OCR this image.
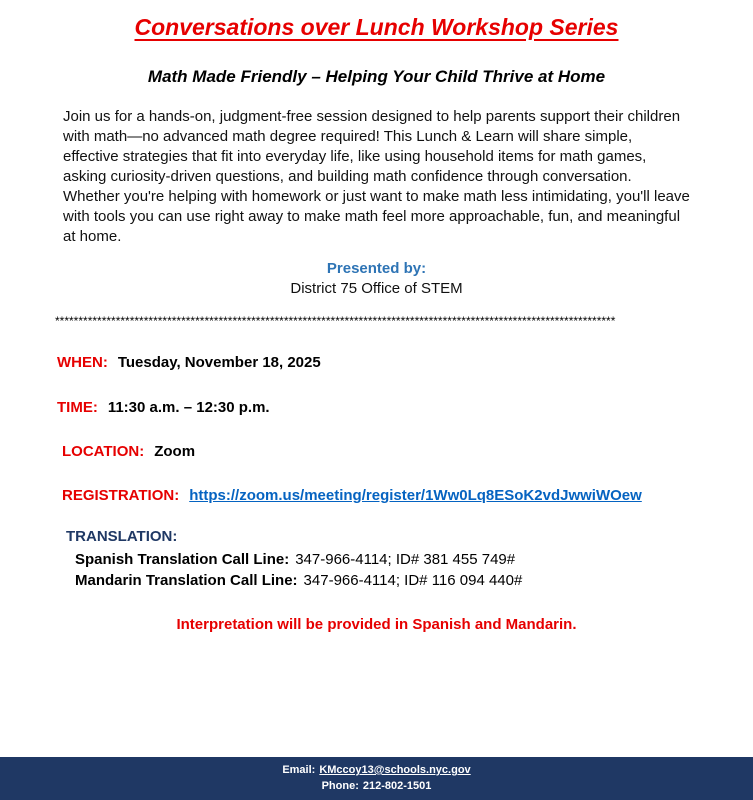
Conversations over Lunch Workshop Series
Math Made Friendly – Helping Your Child Thrive at Home

Join us for a hands-on, judgment-free session designed to help parents support their children with math—no advanced math degree required! This Lunch & Learn will share simple, effective strategies that fit into everyday life, like using household items for math games, asking curiosity-driven questions, and building math confidence through conversation. Whether you're helping with homework or just want to make math less intimidating, you'll leave with tools you can use right away to make math feel more approachable, fun, and meaningful at home.

Presented by:
District 75 Office of STEM
************************************************************************************************************************
WHEN: Tuesday, November 18, 2025
TIME: 11:30 a.m. – 12:30 p.m.
LOCATION: Zoom
REGISTRATION: https://zoom.us/meeting/register/1Ww0Lq8ESoK2vdJwwiWOew
TRANSLATION:
Spanish Translation Call Line: 347-966-4114; ID# 381 455 749#
Mandarin Translation Call Line: 347-966-4114; ID# 116 094 440#
Interpretation will be provided in Spanish and Mandarin.
Email: KMccoy13@schools.nyc.gov
Phone: 212-802-1501
